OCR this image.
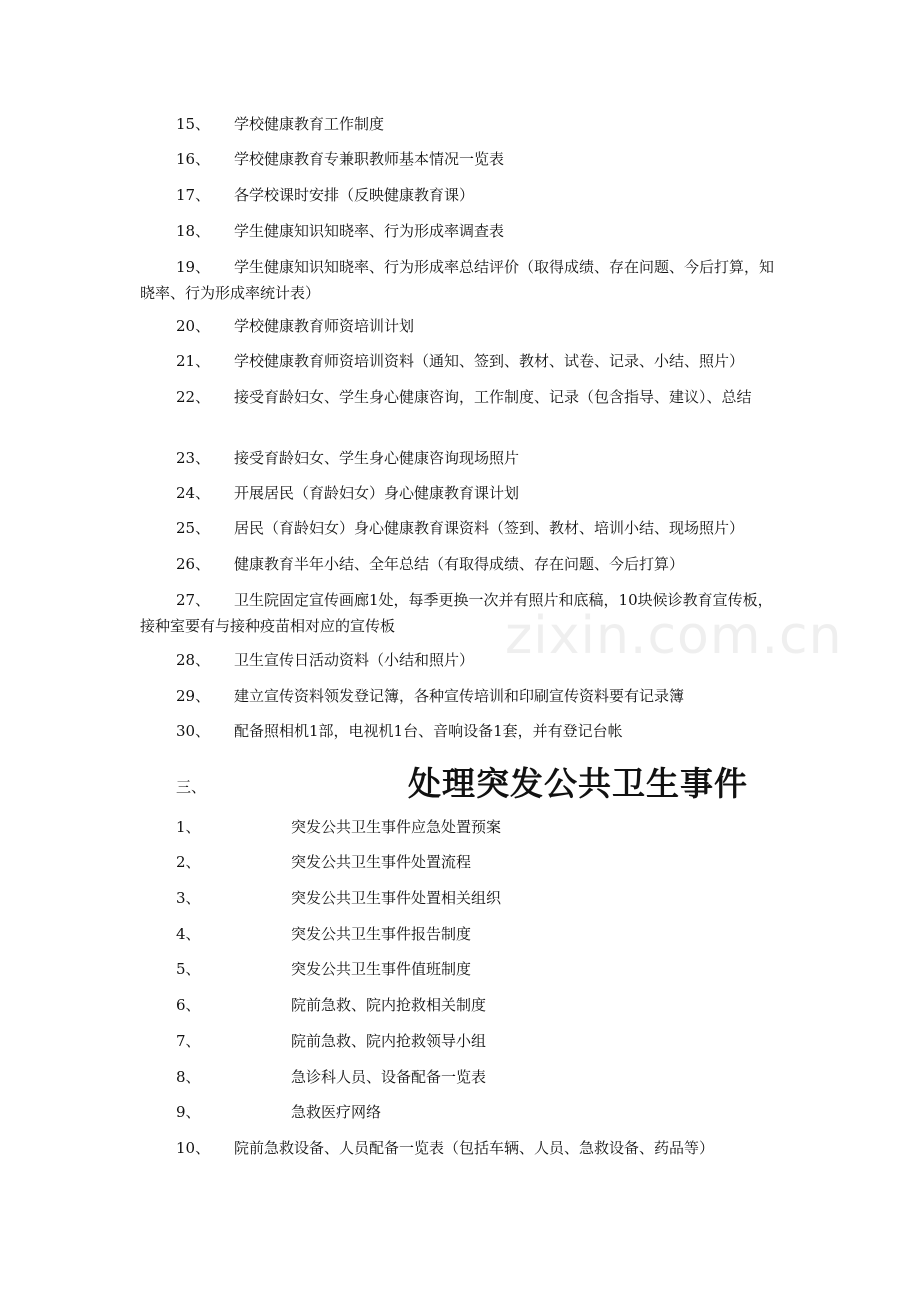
15、 学校健康教育工作制度
16、 学校健康教育专兼职教师基本情况一览表
17、 各学校课时安排（反映健康教育课）
18、 学生健康知识知晓率、行为形成率调查表
19、 学生健康知识知晓率、行为形成率总结评价（取得成绩、存在问题、今后打算，知晓率、行为形成率统计表）
20、 学校健康教育师资培训计划
21、 学校健康教育师资培训资料（通知、签到、教材、试卷、记录、小结、照片）
22、 接受育龄妇女、学生身心健康咨询，工作制度、记录（包含指导、建议）、总结
23、 接受育龄妇女、学生身心健康咨询现场照片
24、 开展居民（育龄妇女）身心健康教育课计划
25、 居民（育龄妇女）身心健康教育课资料（签到、教材、培训小结、现场照片）
26、 健康教育半年小结、全年总结（有取得成绩、存在问题、今后打算）
27、 卫生院固定宣传画廊1处，每季更换一次并有照片和底稿，10块候诊教育宣传板，接种室要有与接种疫苗相对应的宣传板
28、 卫生宣传日活动资料（小结和照片）
29、 建立宣传资料领发登记簿，各种宣传培训和印刷宣传资料要有记录簿
30、 配备照相机1部，电视机1台、音响设备1套，并有登记台帐
三、	处理突发公共卫生事件
1、	突发公共卫生事件应急处置预案
2、	突发公共卫生事件处置流程
3、	突发公共卫生事件处置相关组织
4、	突发公共卫生事件报告制度
5、	突发公共卫生事件值班制度
6、	院前急救、院内抢救相关制度
7、	院前急救、院内抢救领导小组
8、	急诊科人员、设备配备一览表
9、	急救医疗网络
10、 院前急救设备、人员配备一览表（包括车辆、人员、急救设备、药品等）
zixin.com.cn
